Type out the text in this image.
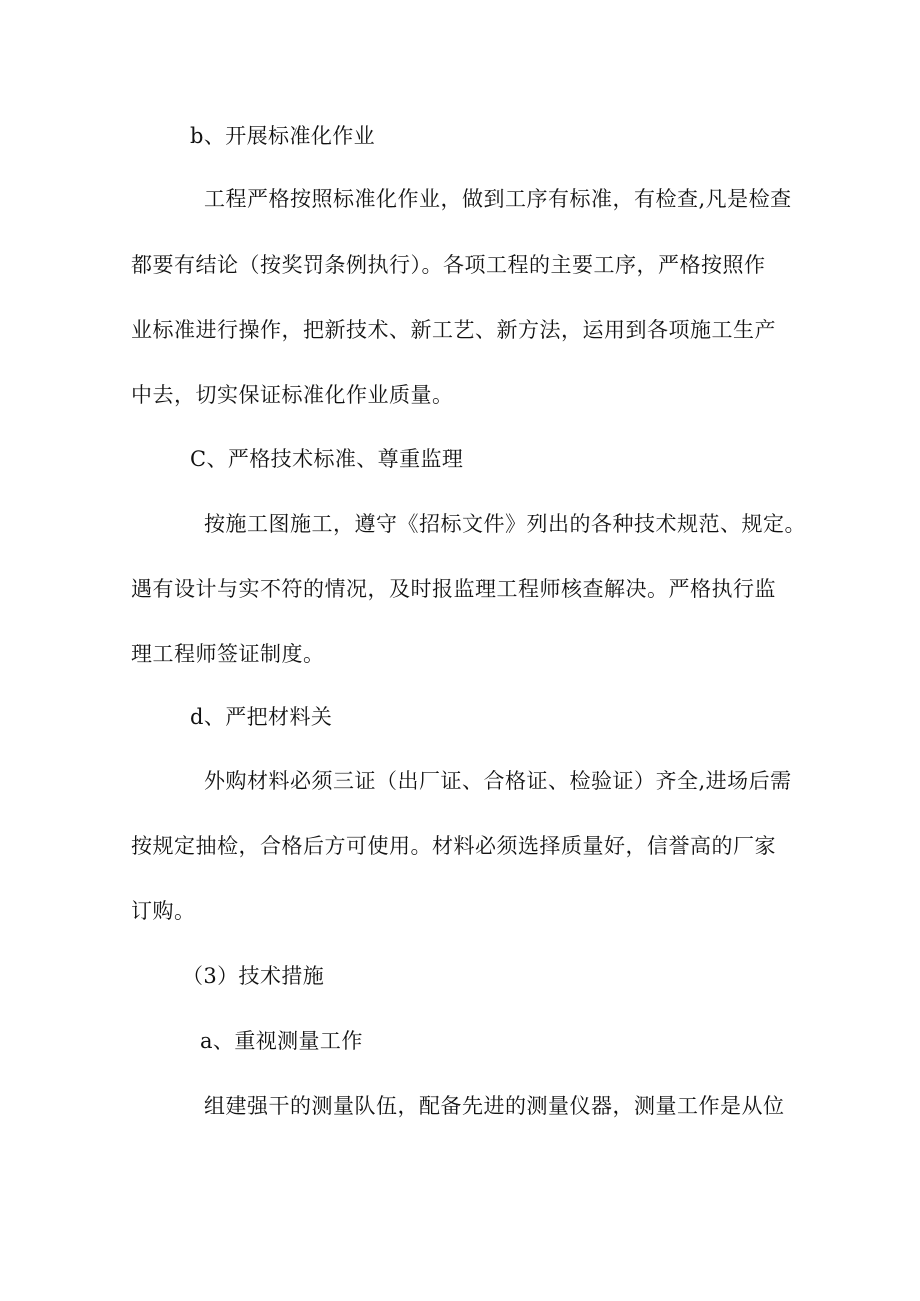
b、开展标准化作业
工程严格按照标准化作业，做到工序有标准，有检查,凡是检查
都要有结论（按奖罚条例执行）。各项工程的主要工序，严格按照作
业标准进行操作，把新技术、新工艺、新方法，运用到各项施工生产
中去，切实保证标准化作业质量。
C、严格技术标准、尊重监理
按施工图施工，遵守《招标文件》列出的各种技术规范、规定。
遇有设计与实不符的情况，及时报监理工程师核查解决。严格执行监
理工程师签证制度。
d、严把材料关
外购材料必须三证（出厂证、合格证、检验证）齐全,进场后需
按规定抽检，合格后方可使用。材料必须选择质量好，信誉高的厂家
订购。
（3）技术措施
a、重视测量工作
组建强干的测量队伍，配备先进的测量仪器，测量工作是从位
